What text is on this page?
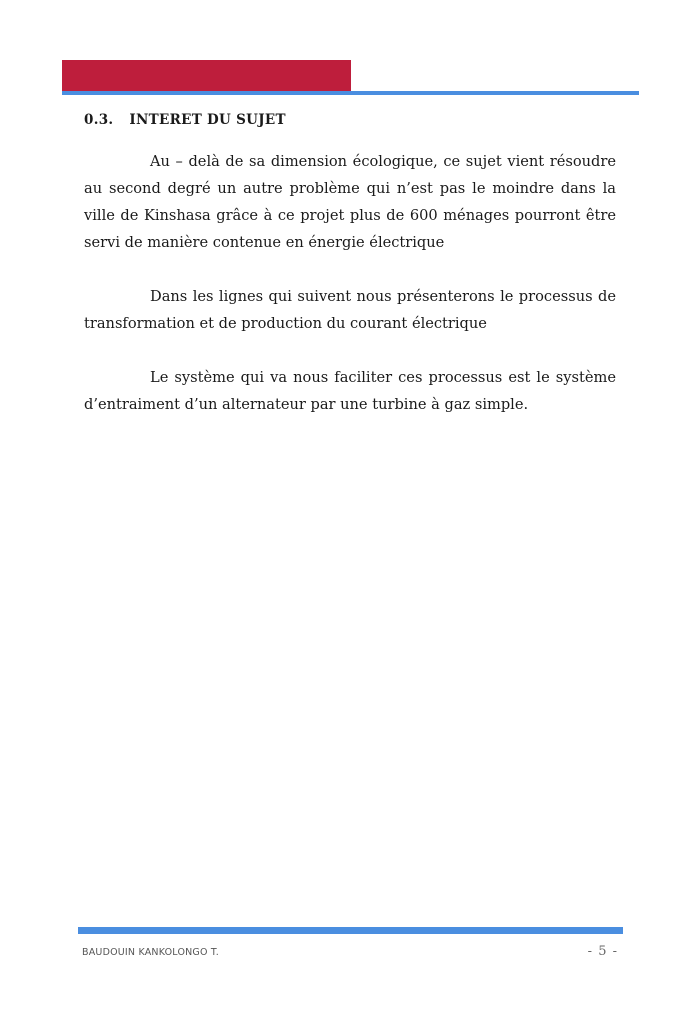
0.3. INTERET DU SUJET

Au – delà de sa dimension écologique, ce sujet vient résoudre au second degré un autre problème qui n’est pas le moindre dans la ville de Kinshasa grâce à ce projet plus de 600 ménages pourront être servi de manière contenue en énergie électrique

Dans les lignes qui suivent nous présenterons le processus de transformation et de production du courant électrique

Le système qui va nous faciliter ces processus est le système d’entraiment d’un alternateur par une turbine à gaz simple.

BAUDOUIN KANKOLONGO T.	- 5 -
